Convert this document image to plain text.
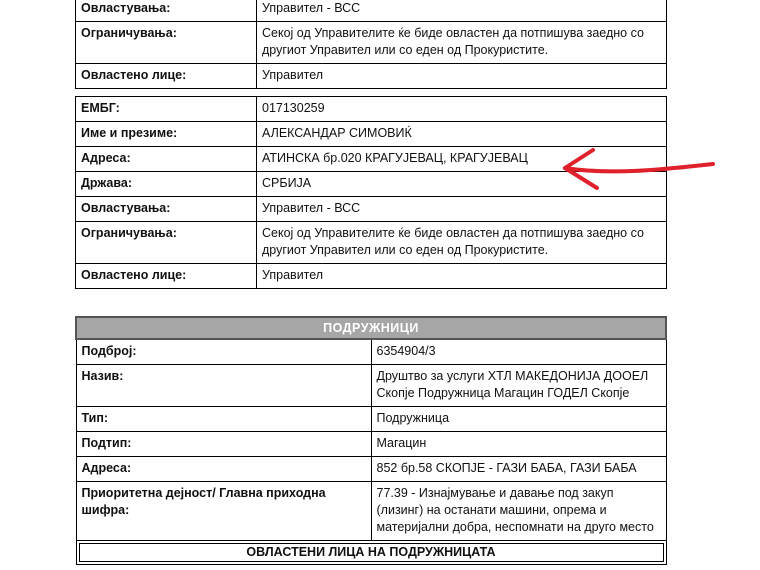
Овластувања:	Управител - ВСС
Ограничувања:	Секој од Управителите ќе биде овластен да потпишува заедно со другиот Управител или со еден од Прокуристите.
Овластено лице:	Управител
ЕМБГ:	017130259
Име и презиме:	АЛЕКСАНДАР СИМОВИЌ
Адреса:	АТИНСКА бр.020 КРАГУЈЕВАЦ, КРАГУЈЕВАЦ
Држава:	СРБИЈА
Овластувања:	Управител - ВСС
Ограничувања:	Секој од Управителите ќе биде овластен да потпишува заедно со другиот Управител или со еден од Прокуристите.
Овластено лице:	Управител
ПОДРУЖНИЦИ	
Подброј:	6354904/3
Назив:	Друштво за услуги ХТЛ МАКЕДОНИЈА ДООЕЛ Скопје Подружница Магацин ГОДЕЛ Скопје
Тип:	Подружница
Подтип:	Магацин
Адреса:	852 бр.58 СКОПЈЕ - ГАЗИ БАБА, ГАЗИ БАБА
Приоритетна дејност/ Главна приходна шифра:	77.39 - Изнајмување и давање под закуп (лизинг) на останати машини, опрема и материјални добра, неспомнати на друго место
ОВЛАСТЕНИ ЛИЦА НА ПОДРУЖНИЦАТА	
